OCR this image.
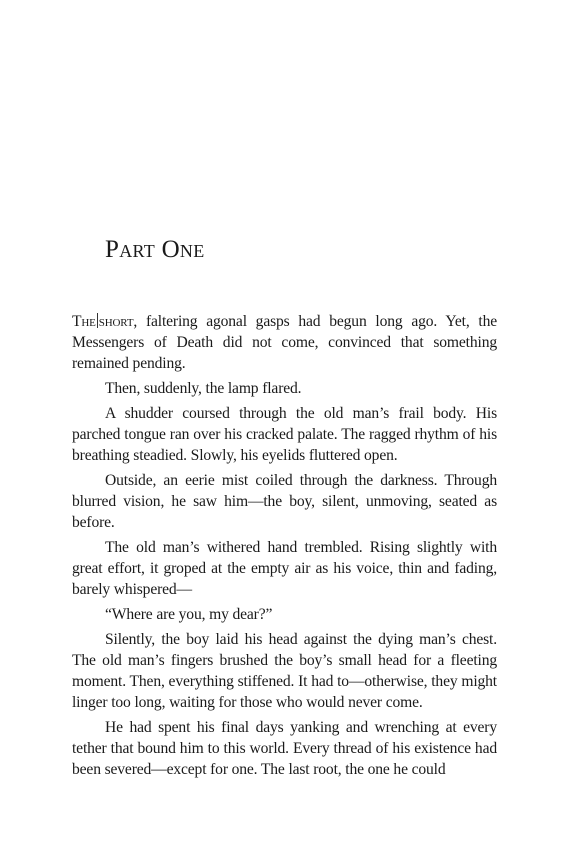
Part One

The short, faltering agonal gasps had begun long ago. Yet, the Messengers of Death did not come, convinced that something remained pending.

Then, suddenly, the lamp flared.

A shudder coursed through the old man’s frail body. His parched tongue ran over his cracked palate. The ragged rhythm of his breathing steadied. Slowly, his eyelids fluttered open.

Outside, an eerie mist coiled through the darkness. Through blurred vision, he saw him—the boy, silent, unmoving, seated as before.

The old man’s withered hand trembled. Rising slightly with great effort, it groped at the empty air as his voice, thin and fading, barely whispered—

“Where are you, my dear?”

Silently, the boy laid his head against the dying man’s chest. The old man’s fingers brushed the boy’s small head for a fleeting moment. Then, everything stiffened. It had to—otherwise, they might linger too long, waiting for those who would never come.

He had spent his final days yanking and wrenching at every tether that bound him to this world. Every thread of his existence had been severed—except for one. The last root, the one he could
